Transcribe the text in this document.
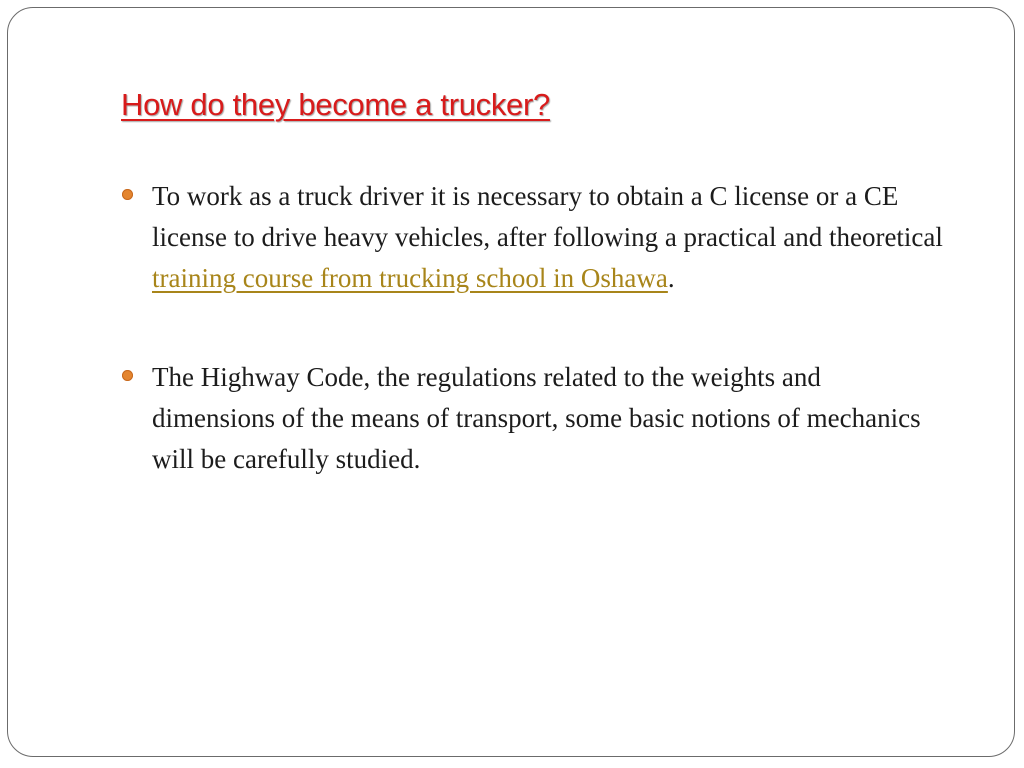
How do they become a trucker?
To work as a truck driver it is necessary to obtain a C license or a CE license to drive heavy vehicles, after following a practical and theoretical training course from trucking school in Oshawa.
The Highway Code, the regulations related to the weights and dimensions of the means of transport, some basic notions of mechanics will be carefully studied.
